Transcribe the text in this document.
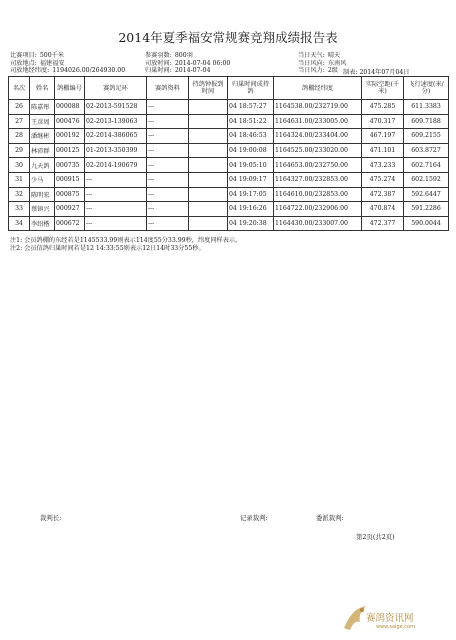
2014年夏季福安常规赛竞翔成绩报告表
比赛项目: 500千米
司放地点: 福建福安
司放地经纬度: 1194026.00/264930.00
参赛羽数: 800羽
司放时间: 2014-07-04 06:00
归巢时间: 2014-07-04
当日天气: 晴天
当日风向: 东南风
当日风力: 2级 制表: 2014年07月04日
名次	姓名	鸽棚编号	赛鸽足环	赛鸽资料	持鸽钟报到时间	归巢时间成持鸽	鸽棚经纬度	实际空距(千米)	飞行速度(米/分)
26	陈嘉彤	000088	02-2013-591528	---		04 18:57:27	1164538.00/232719.00	475.285	611.3383
27	王彦周	000476	02-2013-139063	---		04 18:51:22	1164631.00/233005.00	470.317	609.7188
28	潘继彬	000192	02-2014-386065	---		04 18:46:53	1164324.00/233404.00	467.197	609.2155
29	林沛群	000125	01-2013-350399	---		04 19:00:08	1164525.00/233020.00	471.101	603.8727
30	九天鸽	000735	02-2014-190679	---		04 19:05:10	1164653.00/232750.00	473.233	602.7164
31	少马	000915	---	---		04 19:09:17	1164327.00/232853.00	475.274	602.1592
32	陈明宏	000875	---	---		04 19:17:05	1164610.00/232853.00	472.387	592.6447
33	蔡镇兴	000927	---	---		04 19:16:26	1164722.00/232906.00	470.874	591.2286
34	李绍楷	000672	---	---		04 19:20:38	1164430.00/233007.00	472.377	590.0044
注1: 会员鸽棚的东经若是1145533.99则表示114度55分33.99秒，纬度同样表示。
注2: 会员信鸽归巢时间若是12 14:33:55则表示12日14时33分55秒。
裁判长:	记录裁判:	委派裁判:
第2页(共2页)
赛鸽资讯网
www.saige.com
